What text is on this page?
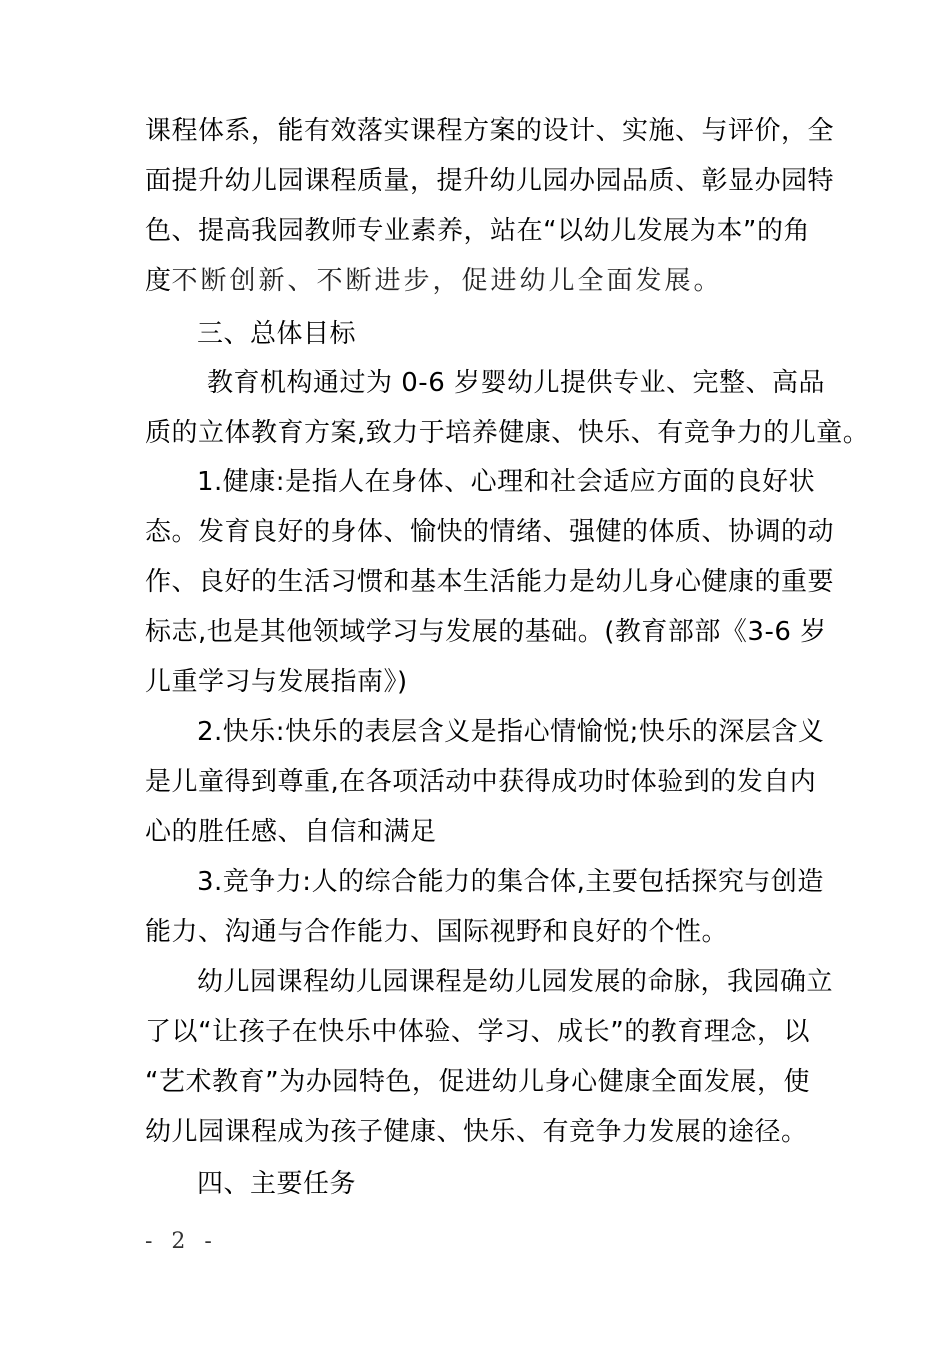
课程体系，能有效落实课程方案的设计、实施、与评价，全
面提升幼儿园课程质量，提升幼儿园办园品质、彰显办园特
色、提高我园教师专业素养，站在“以幼儿发展为本”的角
度不断创新、不断进步，促进幼儿全面发展。
三、总体目标
教育机构通过为 0-6 岁婴幼儿提供专业、完整、高品
质的立体教育方案,致力于培养健康、快乐、有竞争力的儿童。
1.健康:是指人在身体、心理和社会适应方面的良好状
态。发育良好的身体、愉快的情绪、强健的体质、协调的动
作、良好的生活习惯和基本生活能力是幼儿身心健康的重要
标志,也是其他领域学习与发展的基础。(教育部部《3-6 岁
儿重学习与发展指南》)
2.快乐:快乐的表层含义是指心情愉悦;快乐的深层含义
是儿童得到尊重,在各项活动中获得成功时体验到的发自内
心的胜任感、自信和满足
3.竞争力:人的综合能力的集合体,主要包括探究与创造
能力、沟通与合作能力、国际视野和良好的个性。
幼儿园课程幼儿园课程是幼儿园发展的命脉，我园确立
了以“让孩子在快乐中体验、学习、成长”的教育理念，以
“艺术教育”为办园特色，促进幼儿身心健康全面发展，使
幼儿园课程成为孩子健康、快乐、有竞争力发展的途径。
四、主要任务
- 2 -
